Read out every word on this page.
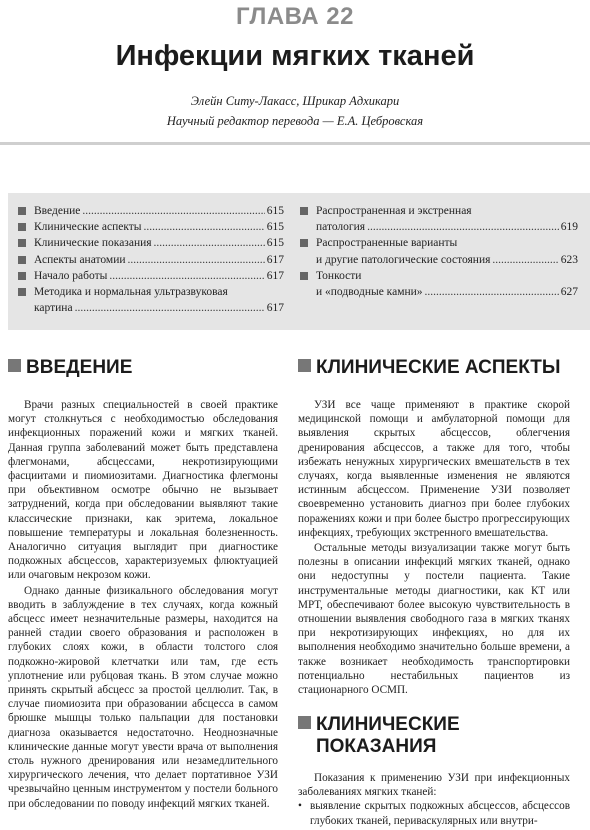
ГЛАВА 22
Инфекции мягких тканей
Элейн Ситу-Лакасс, Шрикар Адхикари
Научный редактор перевода — Е.А. Цебровская
Введение .....	615
Клинические аспекты .....	615
Клинические показания .....	615
Аспекты анатомии .....	617
Начало работы .....	617
Методика и нормальная ультразвуковая
картина .....	617
Распространенная и экстренная
патология .....	619
Распространенные варианты
и другие патологические состояния .....	623
Тонкости
и «подводные камни» .....	627
ВВЕДЕНИЕ

Врачи разных специальностей в своей практике могут столкнуться с необходимостью обследования инфекционных поражений кожи и мягких тканей. Данная группа заболеваний может быть представлена флегмонами, абсцессами, некротизирующими фасциитами и пиомиозитами. Диагностика флегмоны при объективном осмотре обычно не вызывает затруднений, когда при обследовании выявляют такие классические признаки, как эритема, локальное повышение температуры и локальная болезненность. Аналогично ситуация выглядит при диагностике подкожных абсцессов, характеризуемых флюктуацией или очаговым некрозом кожи.

Однако данные физикального обследования могут вводить в заблуждение в тех случаях, когда кожный абсцесс имеет незначительные размеры, находится на ранней стадии своего образования и расположен в глубоких слоях кожи, в области толстого слоя подкожно-жировой клетчатки или там, где есть уплотнение или рубцовая ткань. В этом случае можно принять скрытый абсцесс за простой целлюлит. Так, в случае пиомиозита при образовании абсцесса в самом брюшке мышцы только пальпации для постановки диагноза оказывается недостаточно. Неоднозначные клинические данные могут увести врача от выполнения столь нужного дренирования или незамедлительного хирургического лечения, что делает портативное УЗИ чрезвычайно ценным инструментом у постели больного при обследовании по поводу инфекций мягких тканей.

КЛИНИЧЕСКИЕ АСПЕКТЫ

УЗИ все чаще применяют в практике скорой медицинской помощи и амбулаторной помощи для выявления скрытых абсцессов, облегчения дренирования абсцессов, а также для того, чтобы избежать ненужных хирургических вмешательств в тех случаях, когда выявленные изменения не являются истинным абсцессом. Применение УЗИ позволяет своевременно установить диагноз при более глубоких поражениях кожи и при более быстро прогрессирующих инфекциях, требующих экстренного вмешательства.

Остальные методы визуализации также могут быть полезны в описании инфекций мягких тканей, однако они недоступны у постели пациента. Такие инструментальные методы диагностики, как КТ или МРТ, обеспечивают более высокую чувствительность в отношении выявления свободного газа в мягких тканях при некротизирующих инфекциях, но для их выполнения необходимо значительно больше времени, а также возникает необходимость транспортировки потенциально нестабильных пациентов из стационарного ОСМП.

КЛИНИЧЕСКИЕ
ПОКАЗАНИЯ

Показания к применению УЗИ при инфекционных заболеваниях мягких тканей:

• выявление скрытых подкожных абсцессов, абсцессов глубоких тканей, периваскулярных или внутри-
